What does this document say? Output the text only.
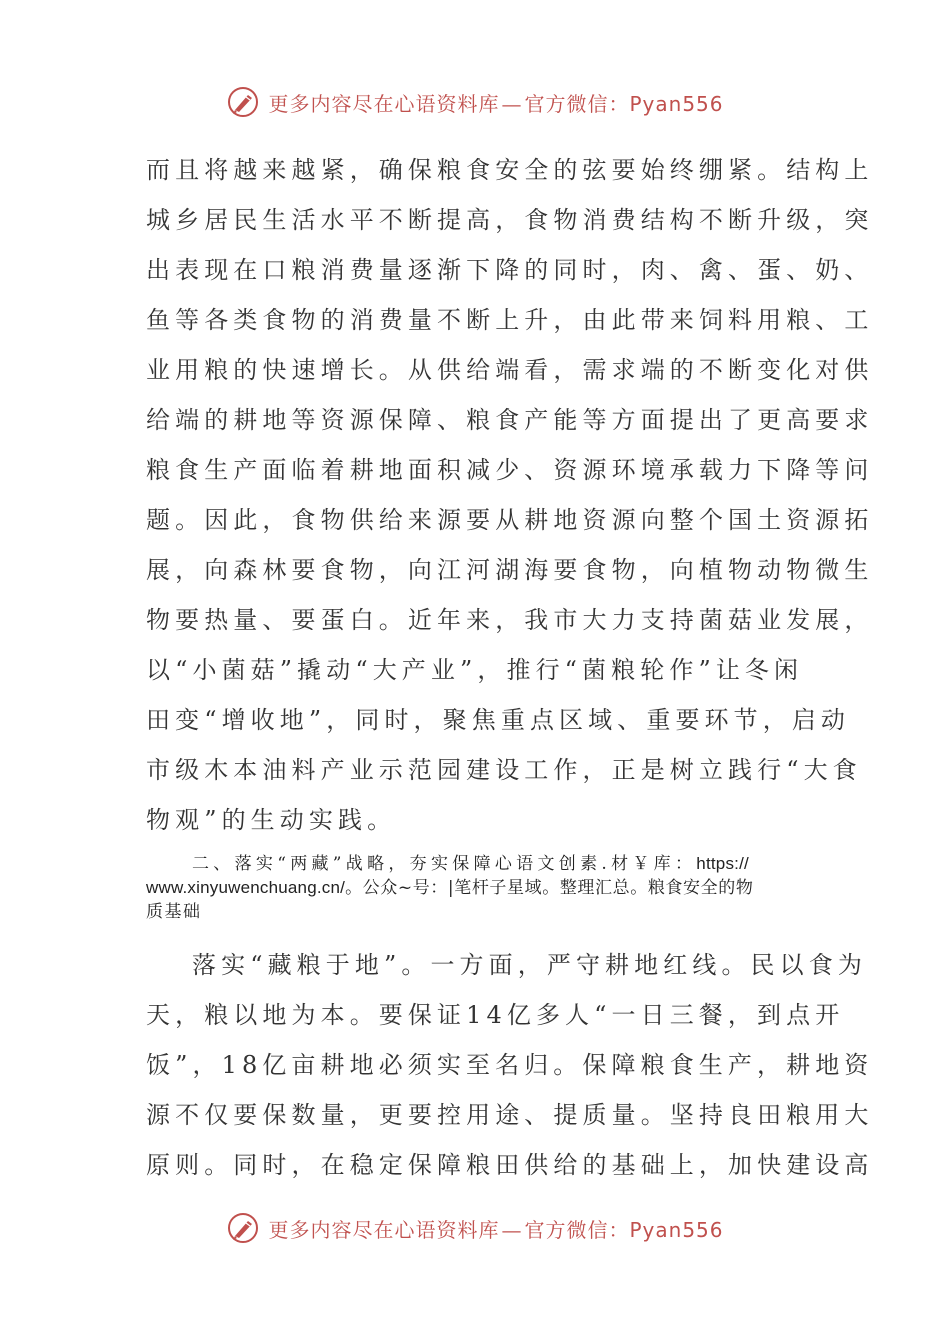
更多内容尽在心语资料库 — 官方微信：Pyan556
而且将越来越紧，确保粮食安全的弦要始终绷紧。结构上
城乡居民生活水平不断提高，食物消费结构不断升级，突
出表现在口粮消费量逐渐下降的同时，肉、禽、蛋、奶、
鱼等各类食物的消费量不断上升，由此带来饲料用粮、工
业用粮的快速增长。从供给端看，需求端的不断变化对供
给端的耕地等资源保障、粮食产能等方面提出了更高要求
粮食生产面临着耕地面积减少、资源环境承载力下降等问
题。因此，食物供给来源要从耕地资源向整个国土资源拓
展，向森林要食物，向江河湖海要食物，向植物动物微生
物要热量、要蛋白。近年来，我市大力支持菌菇业发展，
以“小菌菇”撬动“大产业”，推行“菌粮轮作”让冬闲
田变“增收地”，同时，聚焦重点区域、重要环节，启动
市级木本油料产业示范园建设工作，正是树立践行“大食
物观”的生动实践。
二、落实“两藏”战略，夯实保障心语文创素.材￥库：https://
www.xinyuwenchuang.cn/。公众~号：|笔杆子星域。整理汇总。粮食安全的物
质基础
落实“藏粮于地”。一方面，严守耕地红线。民以食为
天，粮以地为本。要保证14亿多人“一日三餐，到点开
饭”，18亿亩耕地必须实至名归。保障粮食生产，耕地资
源不仅要保数量，更要控用途、提质量。坚持良田粮用大
原则。同时，在稳定保障粮田供给的基础上，加快建设高
更多内容尽在心语资料库 — 官方微信：Pyan556
